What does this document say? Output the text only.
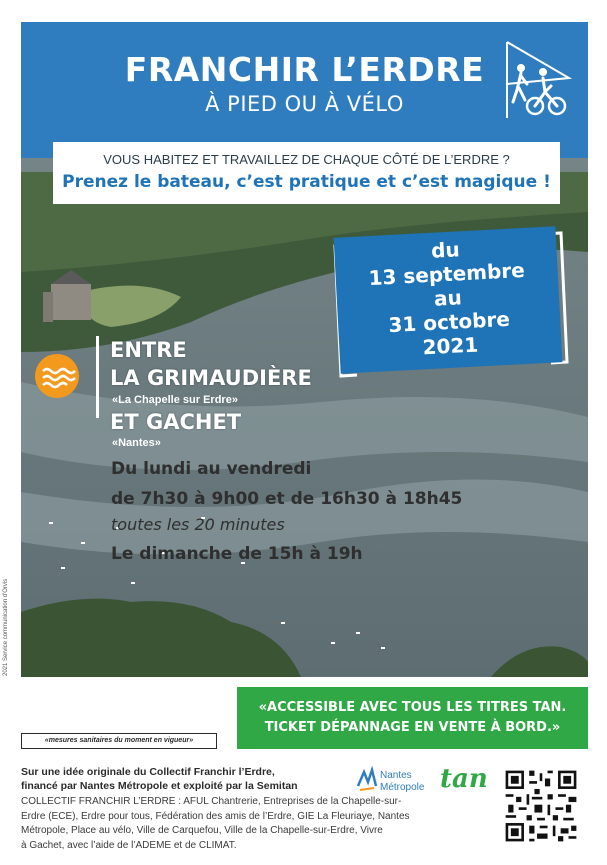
FRANCHIR L’ERDRE
À PIED OU À VÉLO
VOUS HABITEZ ET TRAVAILLEZ DE CHAQUE CÔTÉ DE L’ERDRE ?
Prenez le bateau, c’est pratique et c’est magique !
du
13 septembre
au
31 octobre
2021
ENTRE
LA GRIMAUDIÈRE
«La Chapelle sur Erdre»
ET GACHET
«Nantes»
Du lundi au vendredi
de 7h30 à 9h00 et de 16h30 à 18h45
toutes les 20 minutes
Le dimanche de 15h à 19h
2021 Service communication d'Orvis
«ACCESSIBLE AVEC TOUS LES TITRES TAN.
TICKET DÉPANNAGE EN VENTE À BORD.»
«mesures sanitaires du moment en vigueur»
Sur une idée originale du Collectif Franchir l’Erdre,
financé par Nantes Métropole et exploité par la Semitan
COLLECTIF FRANCHIR L’ERDRE : AFUL Chantrerie, Entreprises de la Chapelle-sur-
Erdre (ECE), Erdre pour tous, Fédération des amis de l’Erdre, GIE La Fleuriaye, Nantes
Métropole, Place au vélo, Ville de Carquefou, Ville de la Chapelle-sur-Erdre, Vivre
à Gachet, avec l’aide de l’ADEME et de CLIMAT.
Nantes
Métropole tan
